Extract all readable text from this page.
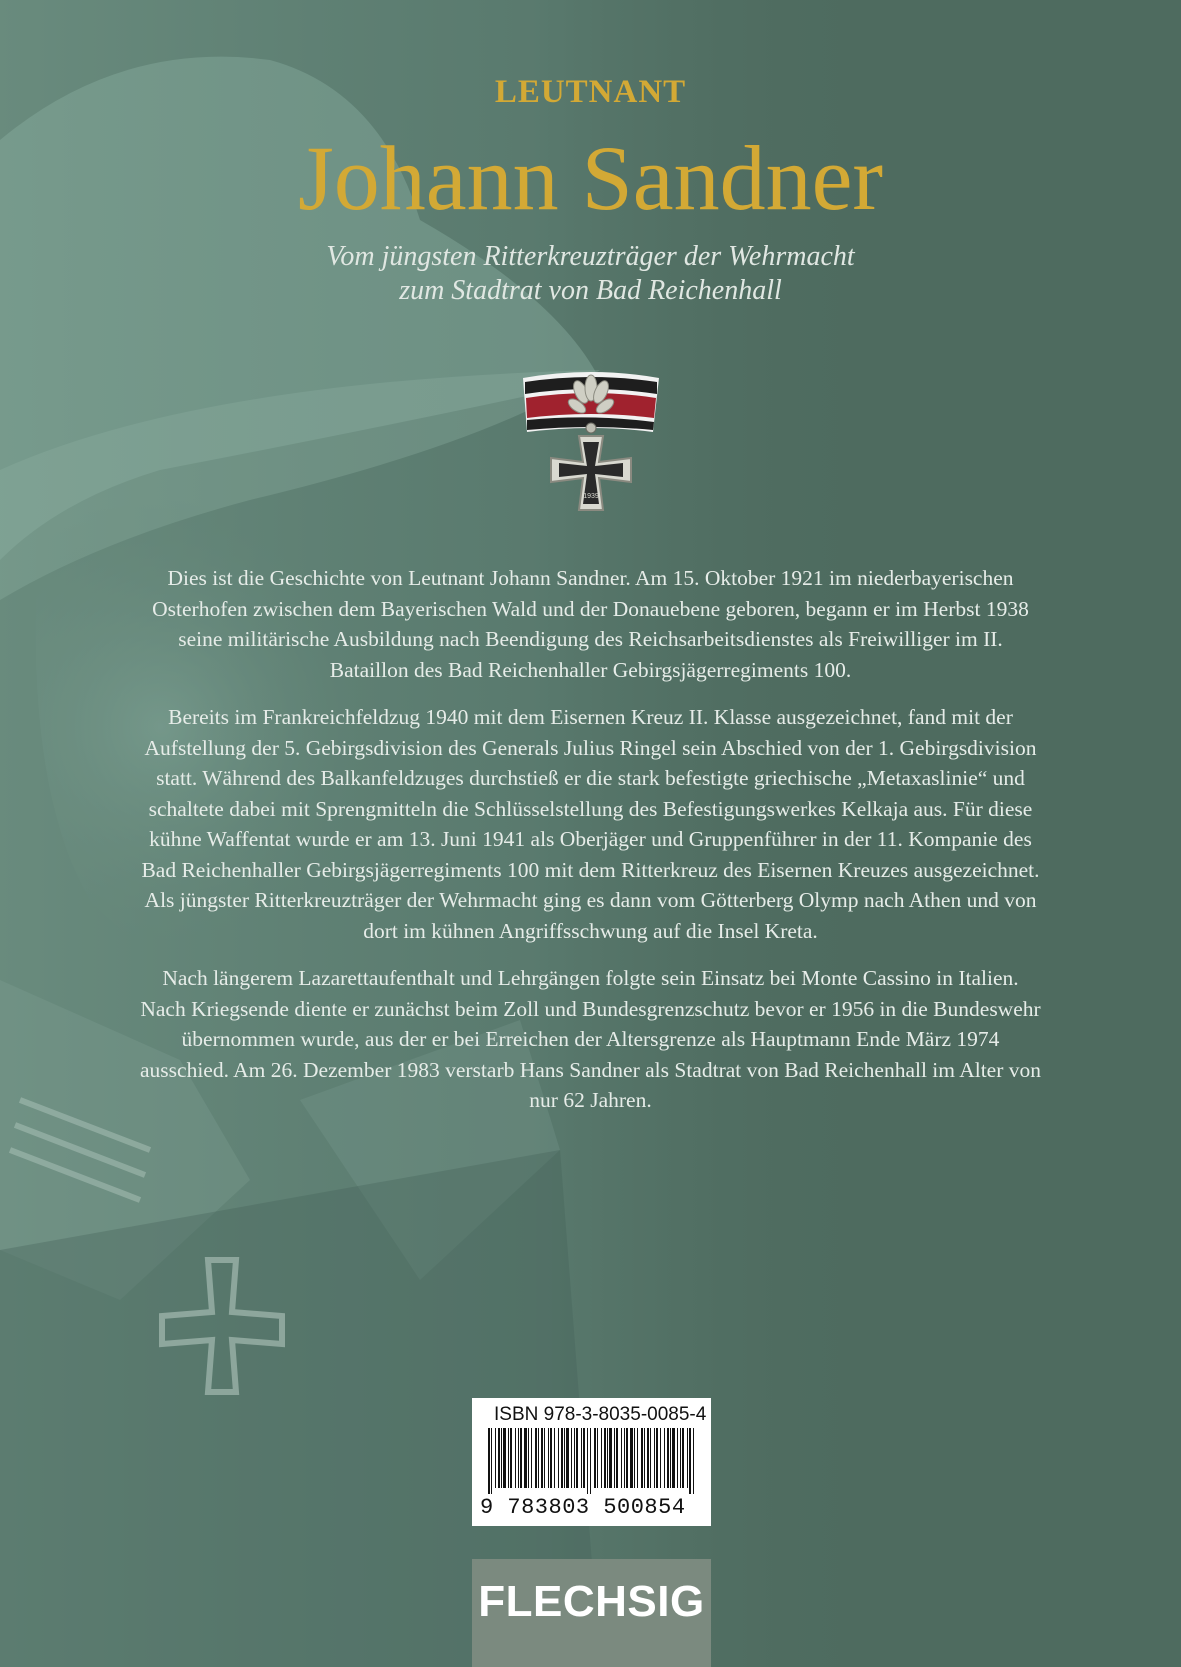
LEUTNANT
Johann Sandner
Vom jüngsten Ritterkreuzträger der Wehrmacht
zum Stadtrat von Bad Reichenhall
1939

Dies ist die Geschichte von Leutnant Johann Sandner. Am 15. Oktober 1921 im niederbayerischen Osterhofen zwischen dem Bayerischen Wald und der Donauebene geboren, begann er im Herbst 1938 seine militärische Ausbildung nach Beendigung des Reichsarbeitsdienstes als Freiwilliger im II. Bataillon des Bad Reichenhaller Gebirgsjägerregiments 100.

Bereits im Frankreichfeldzug 1940 mit dem Eisernen Kreuz II. Klasse ausgezeichnet, fand mit der Aufstellung der 5. Gebirgsdivision des Generals Julius Ringel sein Abschied von der 1. Gebirgsdivision statt. Während des Balkanfeldzuges durchstieß er die stark befestigte griechische „Metaxaslinie“ und schaltete dabei mit Sprengmitteln die Schlüsselstellung des Befestigungswerkes Kelkaja aus. Für diese kühne Waffentat wurde er am 13. Juni 1941 als Oberjäger und Gruppenführer in der 11. Kompanie des Bad Reichenhaller Gebirgsjägerregiments 100 mit dem Ritterkreuz des Eisernen Kreuzes ausgezeichnet. Als jüngster Ritterkreuzträger der Wehrmacht ging es dann vom Götterberg Olymp nach Athen und von dort im kühnen Angriffsschwung auf die Insel Kreta.

Nach längerem Lazarettaufenthalt und Lehrgängen folgte sein Einsatz bei Monte Cassino in Italien. Nach Kriegsende diente er zunächst beim Zoll und Bundesgrenzschutz bevor er 1956 in die Bundeswehr übernommen wurde, aus der er bei Erreichen der Altersgrenze als Hauptmann Ende März 1974 ausschied. Am 26. Dezember 1983 verstarb Hans Sandner als Stadtrat von Bad Reichenhall im Alter von nur 62 Jahren.

ISBN 978-3-8035-0085-4
9 783803 500854
FLECHSIG
